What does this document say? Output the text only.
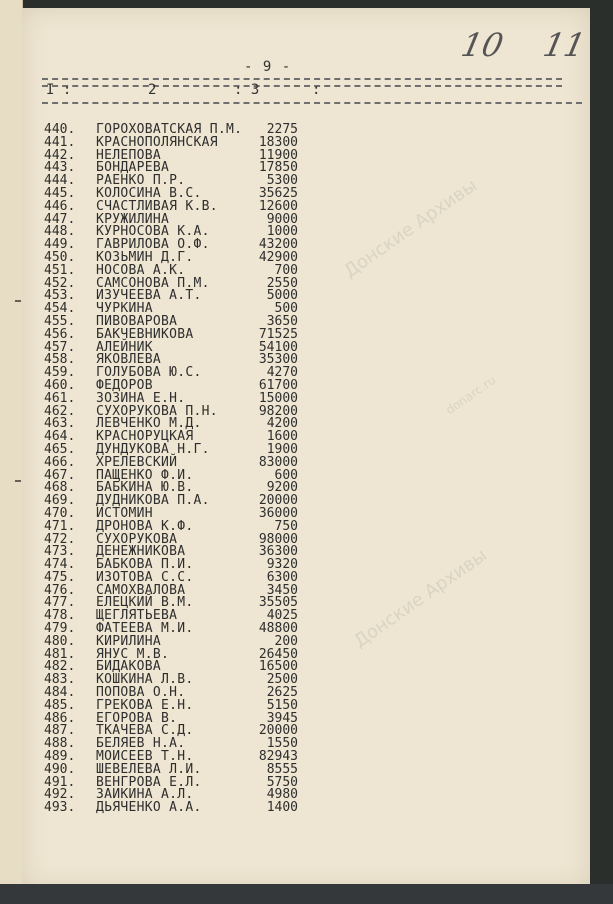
- 9 -
10 11
I :	2	: 3	:
Донские Архивы
Донские Архивы
donarc.ru
440. ГОРОХОВАТСКАЯ П.М.	2275
441. КРАСНОПОЛЯНСКАЯ	18300
442. НЕЛЕПОВА	11900
443. БОНДАРЕВА	17850
444. РАЕНКО П.Р.	5300
445. КОЛОСИНА В.С.	35625
446. СЧАСТЛИВАЯ К.В.	12600
447. КРУЖИЛИНА	9000
448. КУРНОСОВА К.А.	1000
449. ГАВРИЛОВА О.Ф.	43200
450. КОЗЬМИН Д.Г.	42900
451. НОСОВА А.К.	700
452. САМСОНОВА П.М.	2550
453. ИЗУЧЕЕВА А.Т.	5000
454. ЧУРКИНА	500
455. ПИВОВАРОВА	3650
456. БАКЧЕВНИКОВА	71525
457. АЛЕЙНИК	54100
458. ЯКОВЛЕВА	35300
459. ГОЛУБОВА Ю.С.	4270
460. ФЕДОРОВ	61700
461. ЗОЗИНА Е.Н.	15000
462. СУХОРУКОВА П.Н.	98200
463. ЛЕВЧЕНКО М.Д.	4200
464. КРАСНОРУЦКАЯ	1600
465. ДУНДУКОВА Н.Г.	1900
466. ХРЕЛЕВСКИЙ	83000
467. ПАЩЕНКО Ф.И.	600
468. БАБКИНА Ю.В.	9200
469. ДУДНИКОВА П.А.	20000
470. ИСТОМИН	36000
471. ДРОНОВА К.Ф.	750
472. СУХОРУКОВА	98000
473. ДЕНЕЖНИКОВА	36300
474. БАБКОВА П.И.	9320
475. ИЗОТОВА С.С.	6300
476. САМОХВАЛОВА	3450
477. ЕЛЕЦКИЙ В.М.	35505
478. ЩЕГЛЯТЬЕВА	4025
479. ФАТЕЕВА М.И.	48800
480. КИРИЛИНА	200
481. ЯНУС М.В.	26450
482. БИДАКОВА	16500
483. КОШКИНА Л.В.	2500
484. ПОПОВА О.Н.	2625
485. ГРЕКОВА Е.Н.	5150
486. ЕГОРОВА В.	3945
487. ТКАЧЕВА С.Д.	20000
488. БЕЛЯЕВ Н.А.	1550
489. МОИСЕЕВ Т.Н.	82943
490. ШЕВЕЛЕВА Л.И.	8555
491. ВЕНГРОВА Е.Л.	5750
492. ЗАИКИНА А.Л.	4980
493. ДЬЯЧЕНКО А.А.	1400
